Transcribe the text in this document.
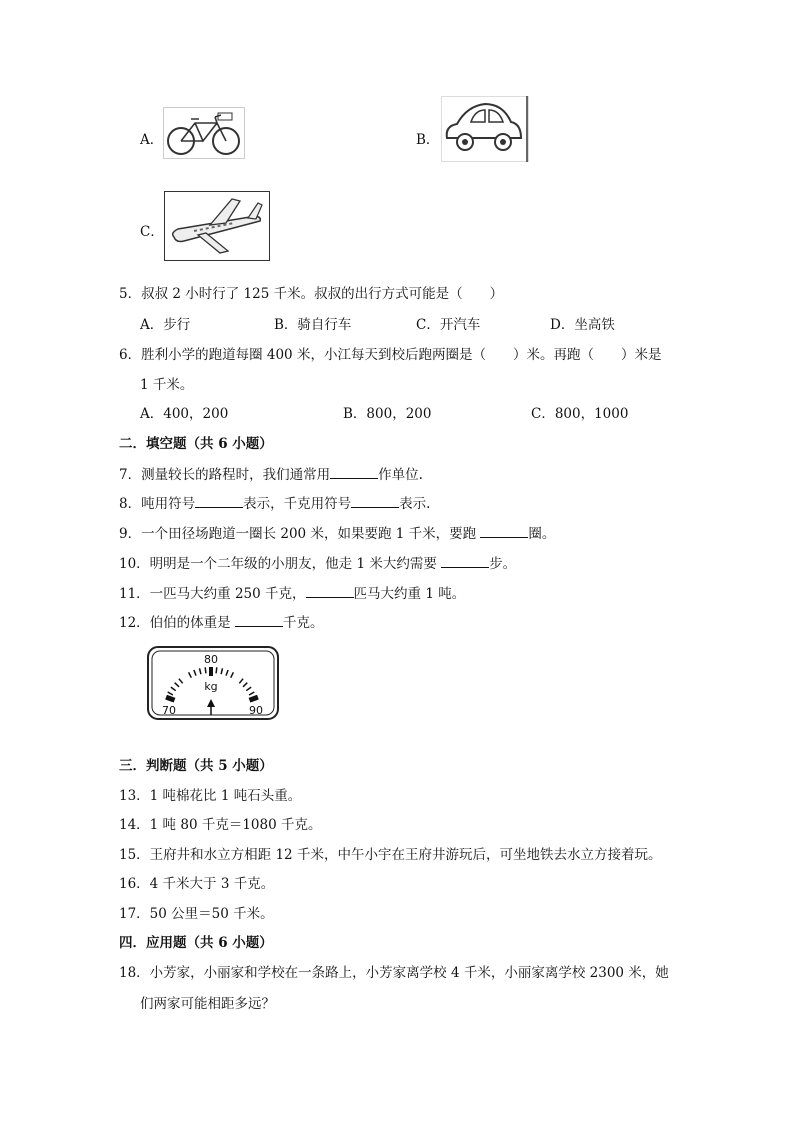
A．	B．
C．
5．叔叔 2 小时行了 125 千米。叔叔的出行方式可能是（　　）
A．步行	B．骑自行车	C．开汽车	D．坐高铁
6．胜利小学的跑道每圈 400 米，小江每天到校后跑两圈是（　　）米。再跑（　　）米是
1 千米。
A．400，200	B．800，200	C．800，1000
二．填空题（共 6 小题）
7．测量较长的路程时，我们通常用	作单位.
8．吨用符号	表示，千克用符号	表示.
9．一个田径场跑道一圈长 200 米，如果要跑 1 千米，要跑	圈。
10．明明是一个二年级的小朋友，他走 1 米大约需要	步。
11．一匹马大约重 250 千克，	匹马大约重 1 吨。
12．伯伯的体重是	千克。
80
kg
70	90
三．判断题（共 5 小题）
13．1 吨棉花比 1 吨石头重。
14．1 吨 80 千克＝1080 千克。
15．王府井和水立方相距 12 千米，中午小宇在王府井游玩后，可坐地铁去水立方接着玩。
16．4 千米大于 3 千克。
17．50 公里＝50 千米。
四．应用题（共 6 小题）
18．小芳家，小丽家和学校在一条路上，小芳家离学校 4 千米，小丽家离学校 2300 米，她
们两家可能相距多远？
